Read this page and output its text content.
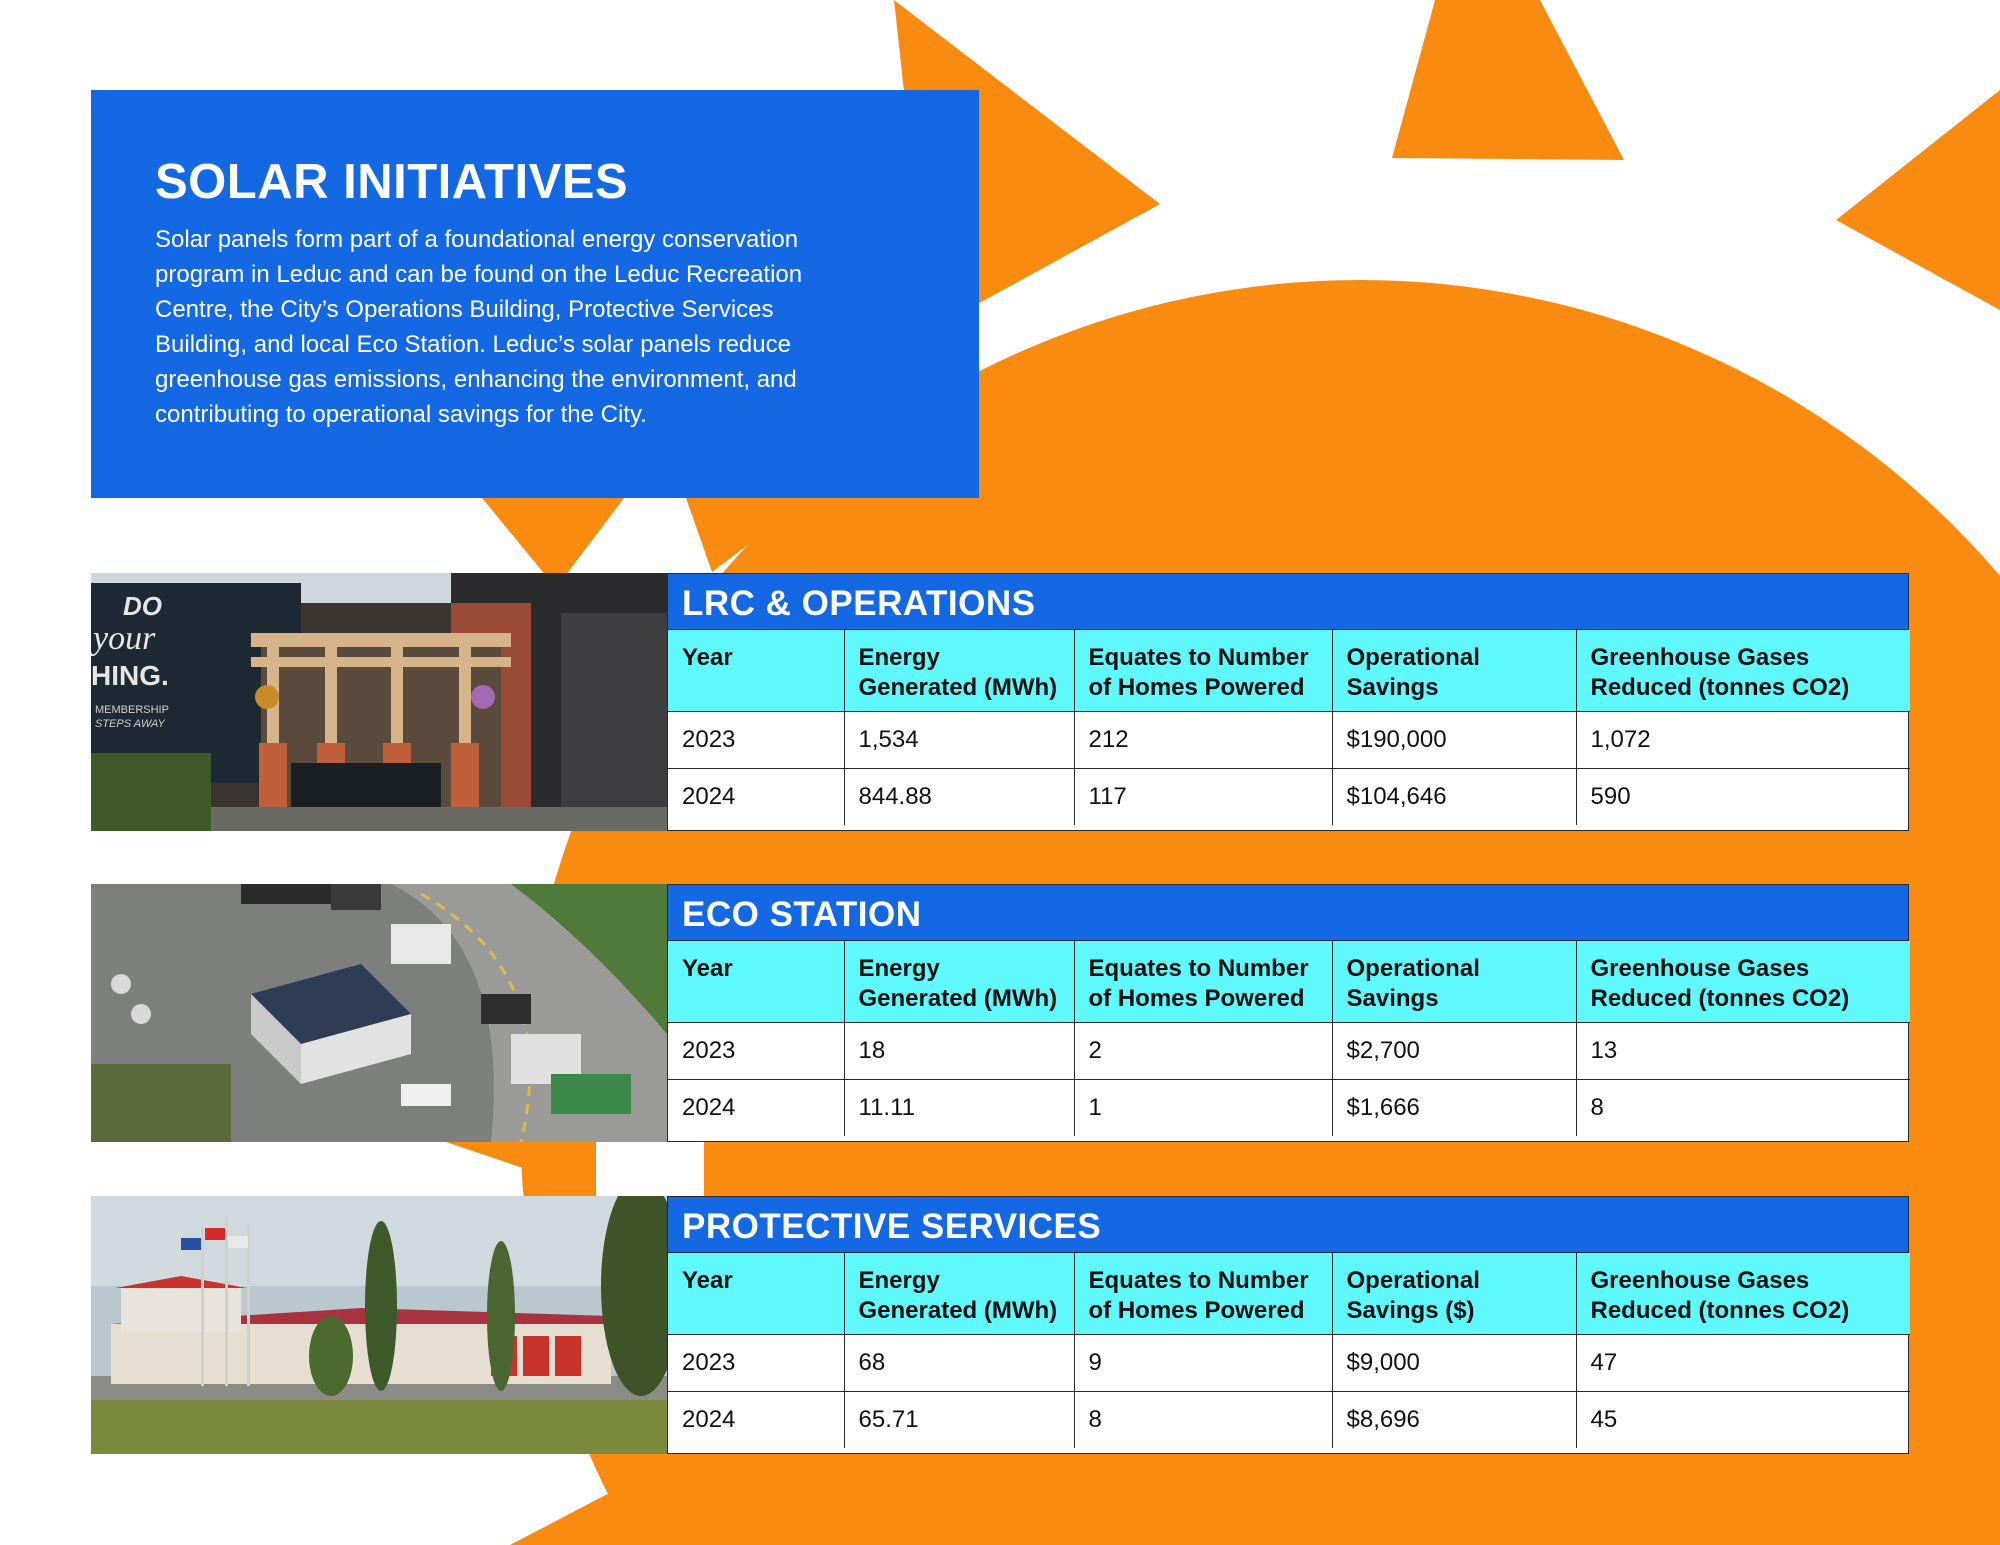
SOLAR INITIATIVES

Solar panels form part of a foundational energy conservation program in Leduc and can be found on the Leduc Recreation Centre, the City’s Operations Building, Protective Services Building, and local Eco Station. Leduc’s solar panels reduce greenhouse gas emissions, enhancing the environment, and contributing to operational savings for the City.

DO
your
HING.
MEMBERSHIP
STEPS AWAY
LRC & OPERATIONS
Year	Energy Generated (MWh)	Equates to Number of Homes Powered	Operational Savings	Greenhouse Gases Reduced (tonnes CO2)
2023	1,534	212	$190,000	1,072
2024	844.88	117	$104,646	590
ECO STATION
Year	Energy Generated (MWh)	Equates to Number of Homes Powered	Operational Savings	Greenhouse Gases Reduced (tonnes CO2)
2023	18	2	$2,700	13
2024	11.11	1	$1,666	8
PROTECTIVE SERVICES
Year	Energy Generated (MWh)	Equates to Number of Homes Powered	Operational Savings ($)	Greenhouse Gases Reduced (tonnes CO2)
2023	68	9	$9,000	47
2024	65.71	8	$8,696	45
